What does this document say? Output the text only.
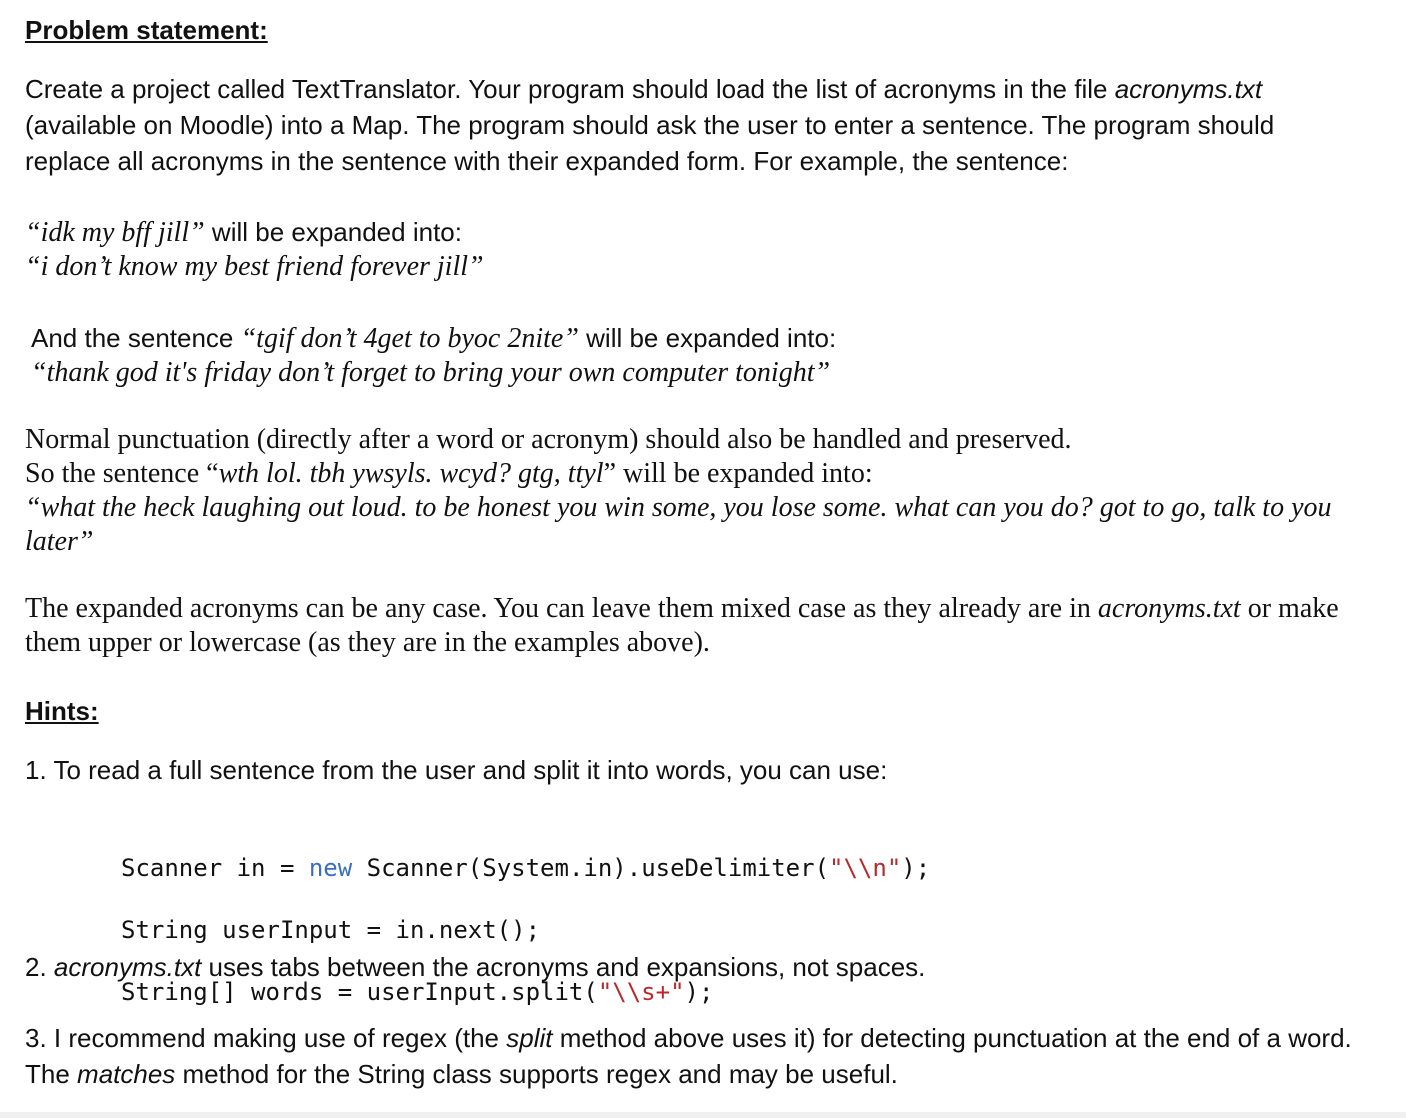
Problem statement:

Create a project called TextTranslator. Your program should load the list of acronyms in the file acronyms.txt (available on Moodle) into a Map. The program should ask the user to enter a sentence. The program should replace all acronyms in the sentence with their expanded form. For example, the sentence:

“idk my bff jill” will be expanded into:
“i don’t know my best friend forever jill”
And the sentence “tgif don’t 4get to byoc 2nite” will be expanded into:
“thank god it's friday don’t forget to bring your own computer tonight”
Normal punctuation (directly after a word or acronym) should also be handled and preserved.
So the sentence “wth lol. tbh ywsyls. wcyd? gtg, ttyl” will be expanded into:
“what the heck laughing out loud. to be honest you win some, you lose some. what can you do? got to go, talk to you later”

The expanded acronyms can be any case. You can leave them mixed case as they already are in acronyms.txt or make them upper or lowercase (as they are in the examples above).

Hints:
1. To read a full sentence from the user and split it into words, you can use:

Scanner in = new Scanner(System.in).useDelimiter("\\n");

String userInput = in.next();

String[] words = userInput.split("\\s+");

2. acronyms.txt uses tabs between the acronyms and expansions, not spaces.

3. I recommend making use of regex (the split method above uses it) for detecting punctuation at the end of a word. The matches method for the String class supports regex and may be useful.
